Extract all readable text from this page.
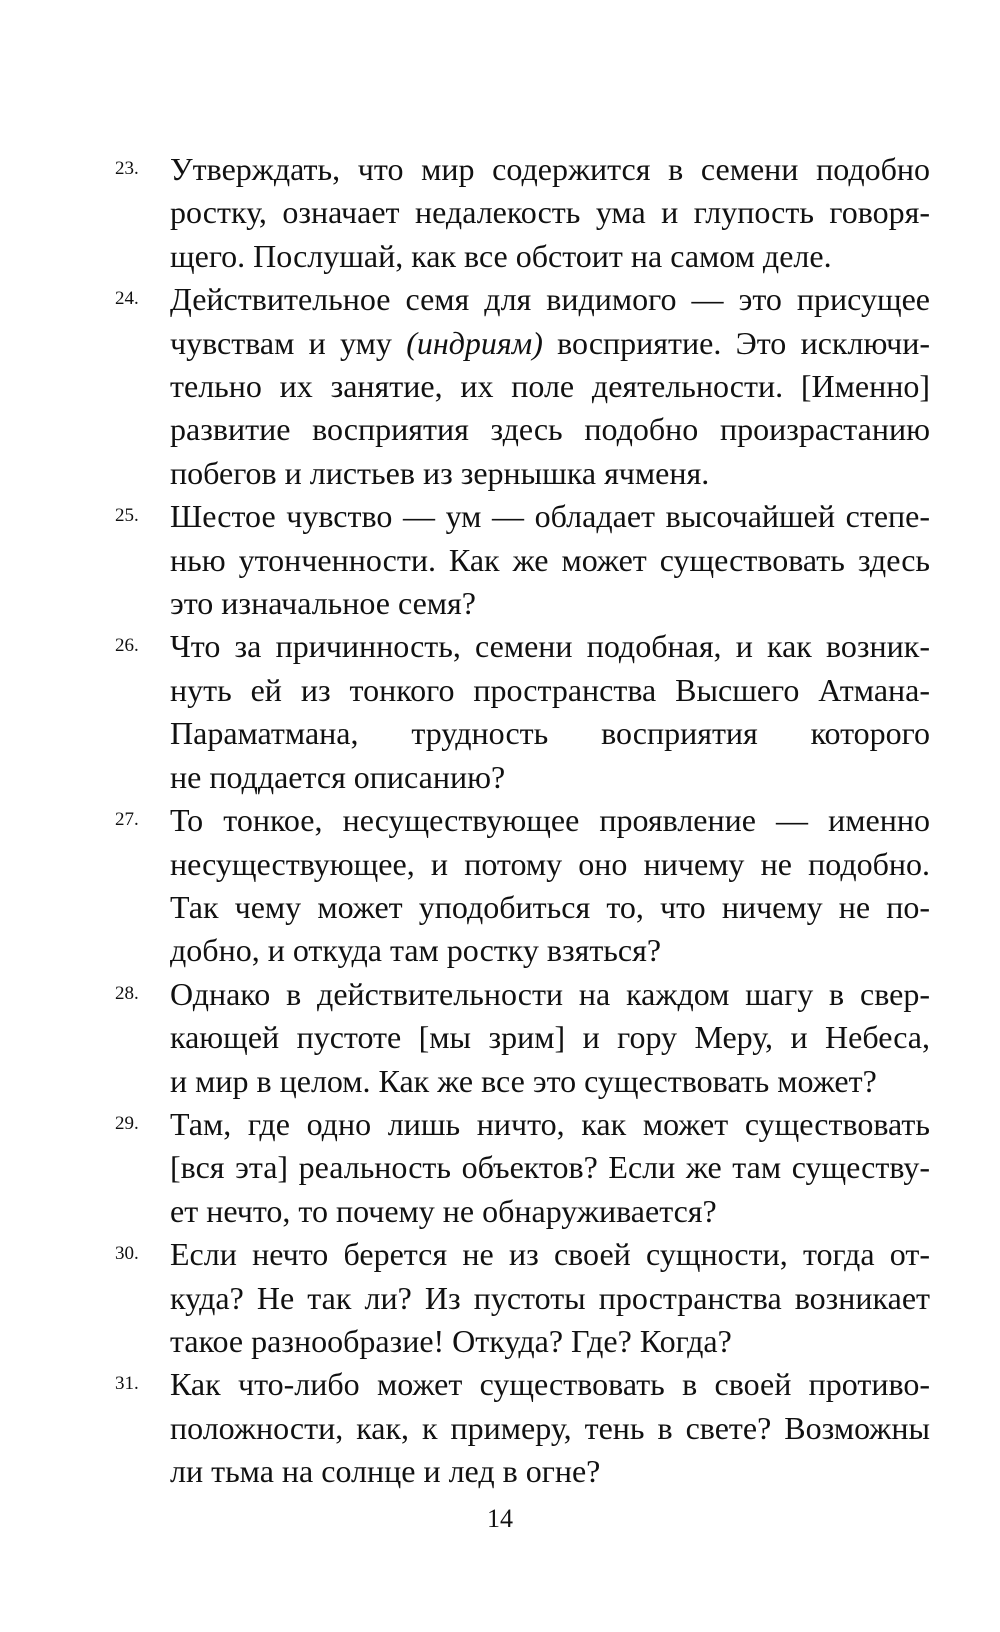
23. Утверждать, что мир содержится в семени подобно
ростку, означает недалекость ума и глупость говоря-
щего. Послушай, как все обстоит на самом деле.
24. Действительное семя для видимого — это присущее
чувствам и уму (индриям) восприятие. Это исключи-
тельно их занятие, их поле деятельности. [Именно]
развитие восприятия здесь подобно произрастанию
побегов и листьев из зернышка ячменя.
25. Шестое чувство — ум — обладает высочайшей степе-
нью утонченности. Как же может существовать здесь
это изначальное семя?
26. Что за причинность, семени подобная, и как возник-
нуть ей из тонкого пространства Высшего Атмана-
Параматмана, трудность восприятия которого
не поддается описанию?
27. То тонкое, несуществующее проявление — именно
несуществующее, и потому оно ничему не подобно.
Так чему может уподобиться то, что ничему не по-
добно, и откуда там ростку взяться?
28. Однако в действительности на каждом шагу в свер-
кающей пустоте [мы зрим] и гору Меру, и Небеса,
и мир в целом. Как же все это существовать может?
29. Там, где одно лишь ничто, как может существовать
[вся эта] реальность объектов? Если же там существу-
ет нечто, то почему не обнаруживается?
30. Если нечто берется не из своей сущности, тогда от-
куда? Не так ли? Из пустоты пространства возникает
такое разнообразие! Откуда? Где? Когда?
31. Как что-либо может существовать в своей противо-
положности, как, к примеру, тень в свете? Возможны
ли тьма на солнце и лед в огне?
14
